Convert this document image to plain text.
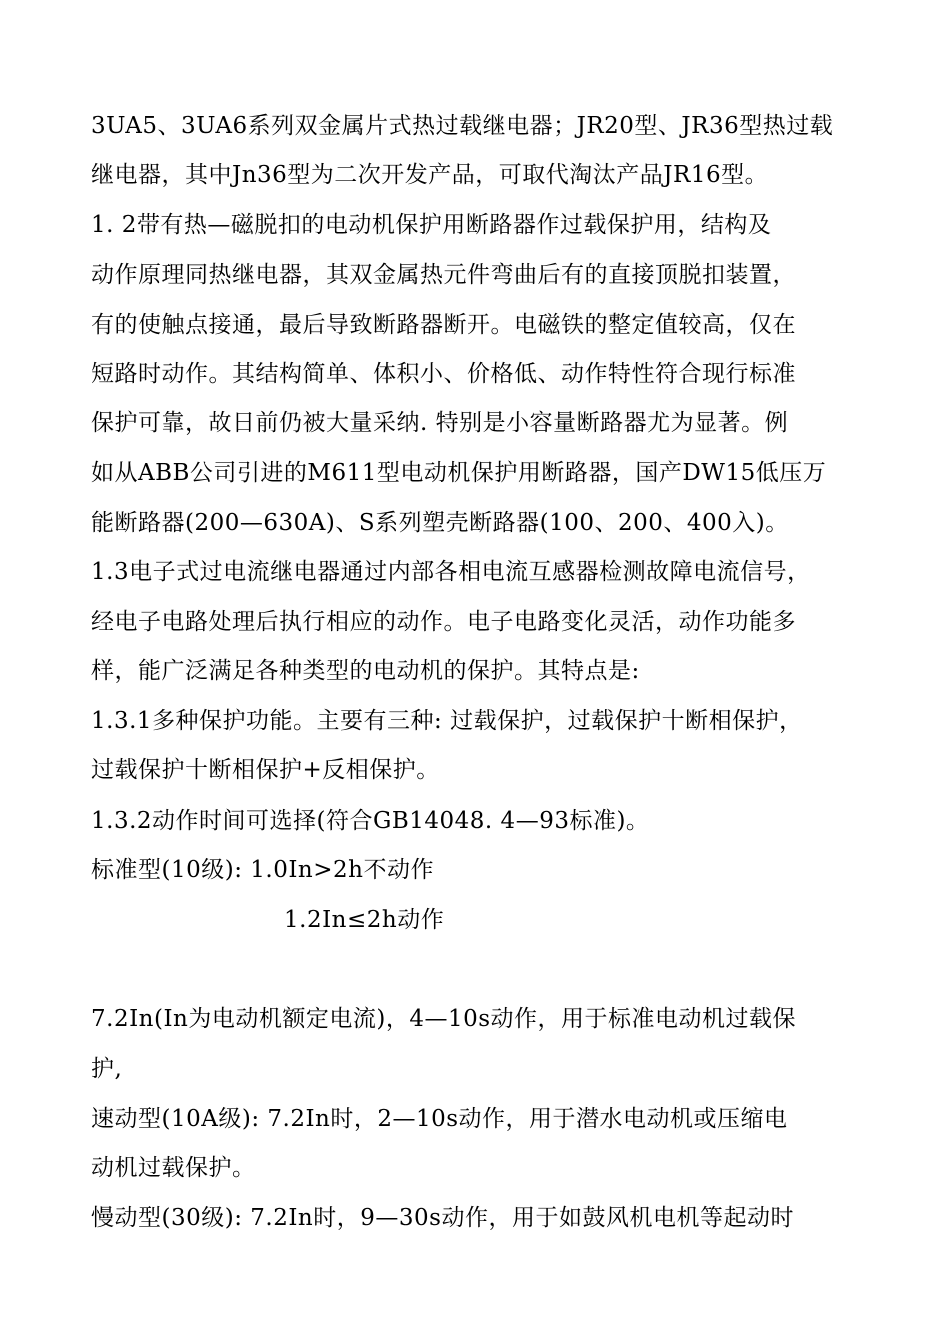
3UA5、3UA6系列双金属片式热过载继电器；JR20型、JR36型热过载
继电器，其中Jn36型为二次开发产品，可取代淘汰产品JR16型。
1. 2带有热—磁脱扣的电动机保护用断路器作过载保护用，结构及
动作原理同热继电器，其双金属热元件弯曲后有的直接顶脱扣装置，
有的使触点接通，最后导致断路器断开。电磁铁的整定值较高，仅在
短路时动作。其结构简单、体积小、价格低、动作特性符合现行标准
保护可靠，故日前仍被大量采纳. 特别是小容量断路器尤为显著。例
如从ABB公司引进的M611型电动机保护用断路器，国产DW15低压万
能断路器(200—630A)、S系列塑壳断路器(100、200、400入)。
1.3电子式过电流继电器通过内部各相电流互感器检测故障电流信号，
经电子电路处理后执行相应的动作。电子电路变化灵活，动作功能多
样，能广泛满足各种类型的电动机的保护。其特点是:
1.3.1多种保护功能。主要有三种: 过载保护，过载保护十断相保护，
过载保护十断相保护+反相保护。
1.3.2动作时间可选择(符合GB14048. 4—93标准)。
标准型(10级): 1.0In>2h不动作
1.2In≤2h动作
7.2In(In为电动机额定电流)，4—10s动作，用于标准电动机过载保
护,
速动型(10A级): 7.2In时，2—10s动作，用于潜水电动机或压缩电
动机过载保护。
慢动型(30级): 7.2In时，9—30s动作，用于如鼓风机电机等起动时
